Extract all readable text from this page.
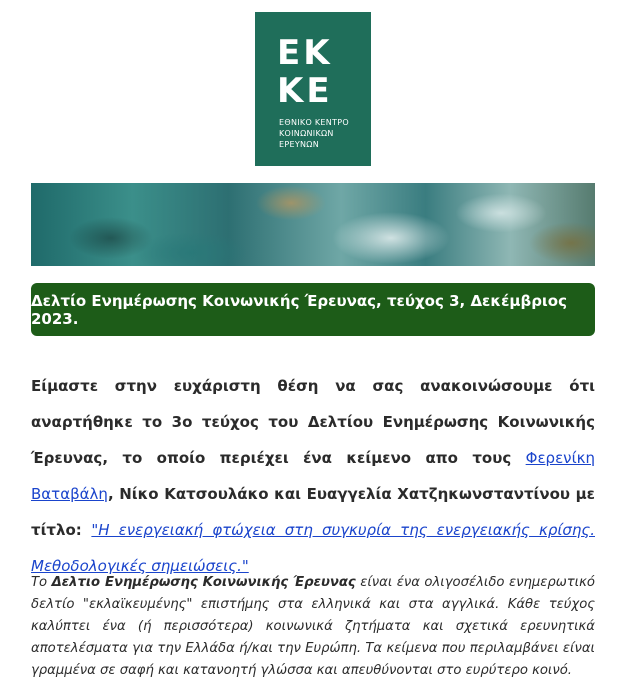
ΕΚ
ΚΕ
ΕΘΝΙΚΟ ΚΕΝΤΡΟ
ΚΟΙΝΩΝΙΚΩΝ
ΕΡΕΥΝΩΝ
Δελτίο Ενημέρωσης Κοινωνικής Έρευνας, τεύχος 3, Δεκέμβριος 2023.
Είμαστε στην ευχάριστη θέση να σας ανακοινώσουμε ότι αναρτήθηκε το 3ο τεύχος του Δελτίου Ενημέρωσης Κοινωνικής Έρευνας, το οποίο περιέχει ένα κείμενο απο τους Φερενίκη Βαταβάλη, Νίκο Κατσουλάκο και Ευαγγελία Χατζηκωνσταντίνου με τίτλο: "Η ενεργειακή φτώχεια στη συγκυρία της ενεργειακής κρίσης. Μεθοδολογικές σημειώσεις."
Το Δελτιο Ενημέρωσης Κοινωνικής Έρευνας είναι ένα ολιγοσέλιδο ενημερωτικό δελτίο "εκλαϊκευμένης" επιστήμης στα ελληνικά και στα αγγλικά. Κάθε τεύχος καλύπτει ένα (ή περισσότερα) κοινωνικά ζητήματα και σχετικά ερευνητικά αποτελέσματα για την Ελλάδα ή/και την Ευρώπη. Τα κείμενα που περιλαμβάνει είναι γραμμένα σε σαφή και κατανοητή γλώσσα και απευθύνονται στο ευρύτερο κοινό.
